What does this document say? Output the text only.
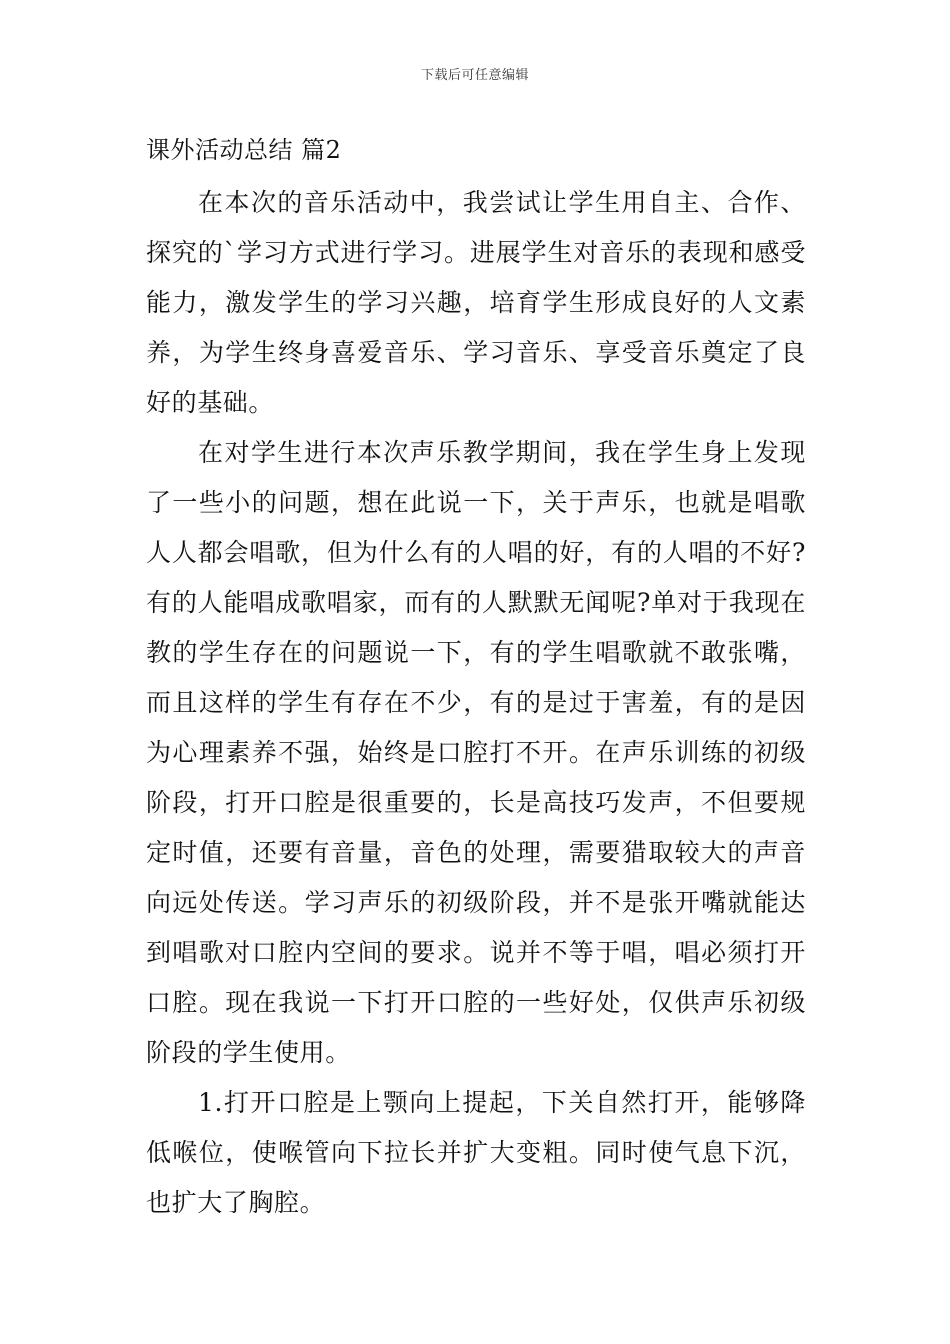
下载后可任意编辑
课外活动总结 篇2

在本次的音乐活动中，我尝试让学生用自主、合作、探究的`学习方式进行学习。进展学生对音乐的表现和感受能力，激发学生的学习兴趣，培育学生形成良好的人文素养，为学生终身喜爱音乐、学习音乐、享受音乐奠定了良好的基础。

在对学生进行本次声乐教学期间，我在学生身上发现了一些小的问题，想在此说一下，关于声乐，也就是唱歌人人都会唱歌，但为什么有的人唱的好，有的人唱的不好?有的人能唱成歌唱家，而有的人默默无闻呢?单对于我现在教的学生存在的问题说一下，有的学生唱歌就不敢张嘴，而且这样的学生有存在不少，有的是过于害羞，有的是因为心理素养不强，始终是口腔打不开。在声乐训练的初级阶段，打开口腔是很重要的，长是高技巧发声，不但要规定时值，还要有音量，音色的处理，需要猎取较大的声音向远处传送。学习声乐的初级阶段，并不是张开嘴就能达到唱歌对口腔内空间的要求。说并不等于唱，唱必须打开口腔。现在我说一下打开口腔的一些好处，仅供声乐初级阶段的学生使用。

1.打开口腔是上颚向上提起，下关自然打开，能够降低喉位，使喉管向下拉长并扩大变粗。同时使气息下沉，也扩大了胸腔。
